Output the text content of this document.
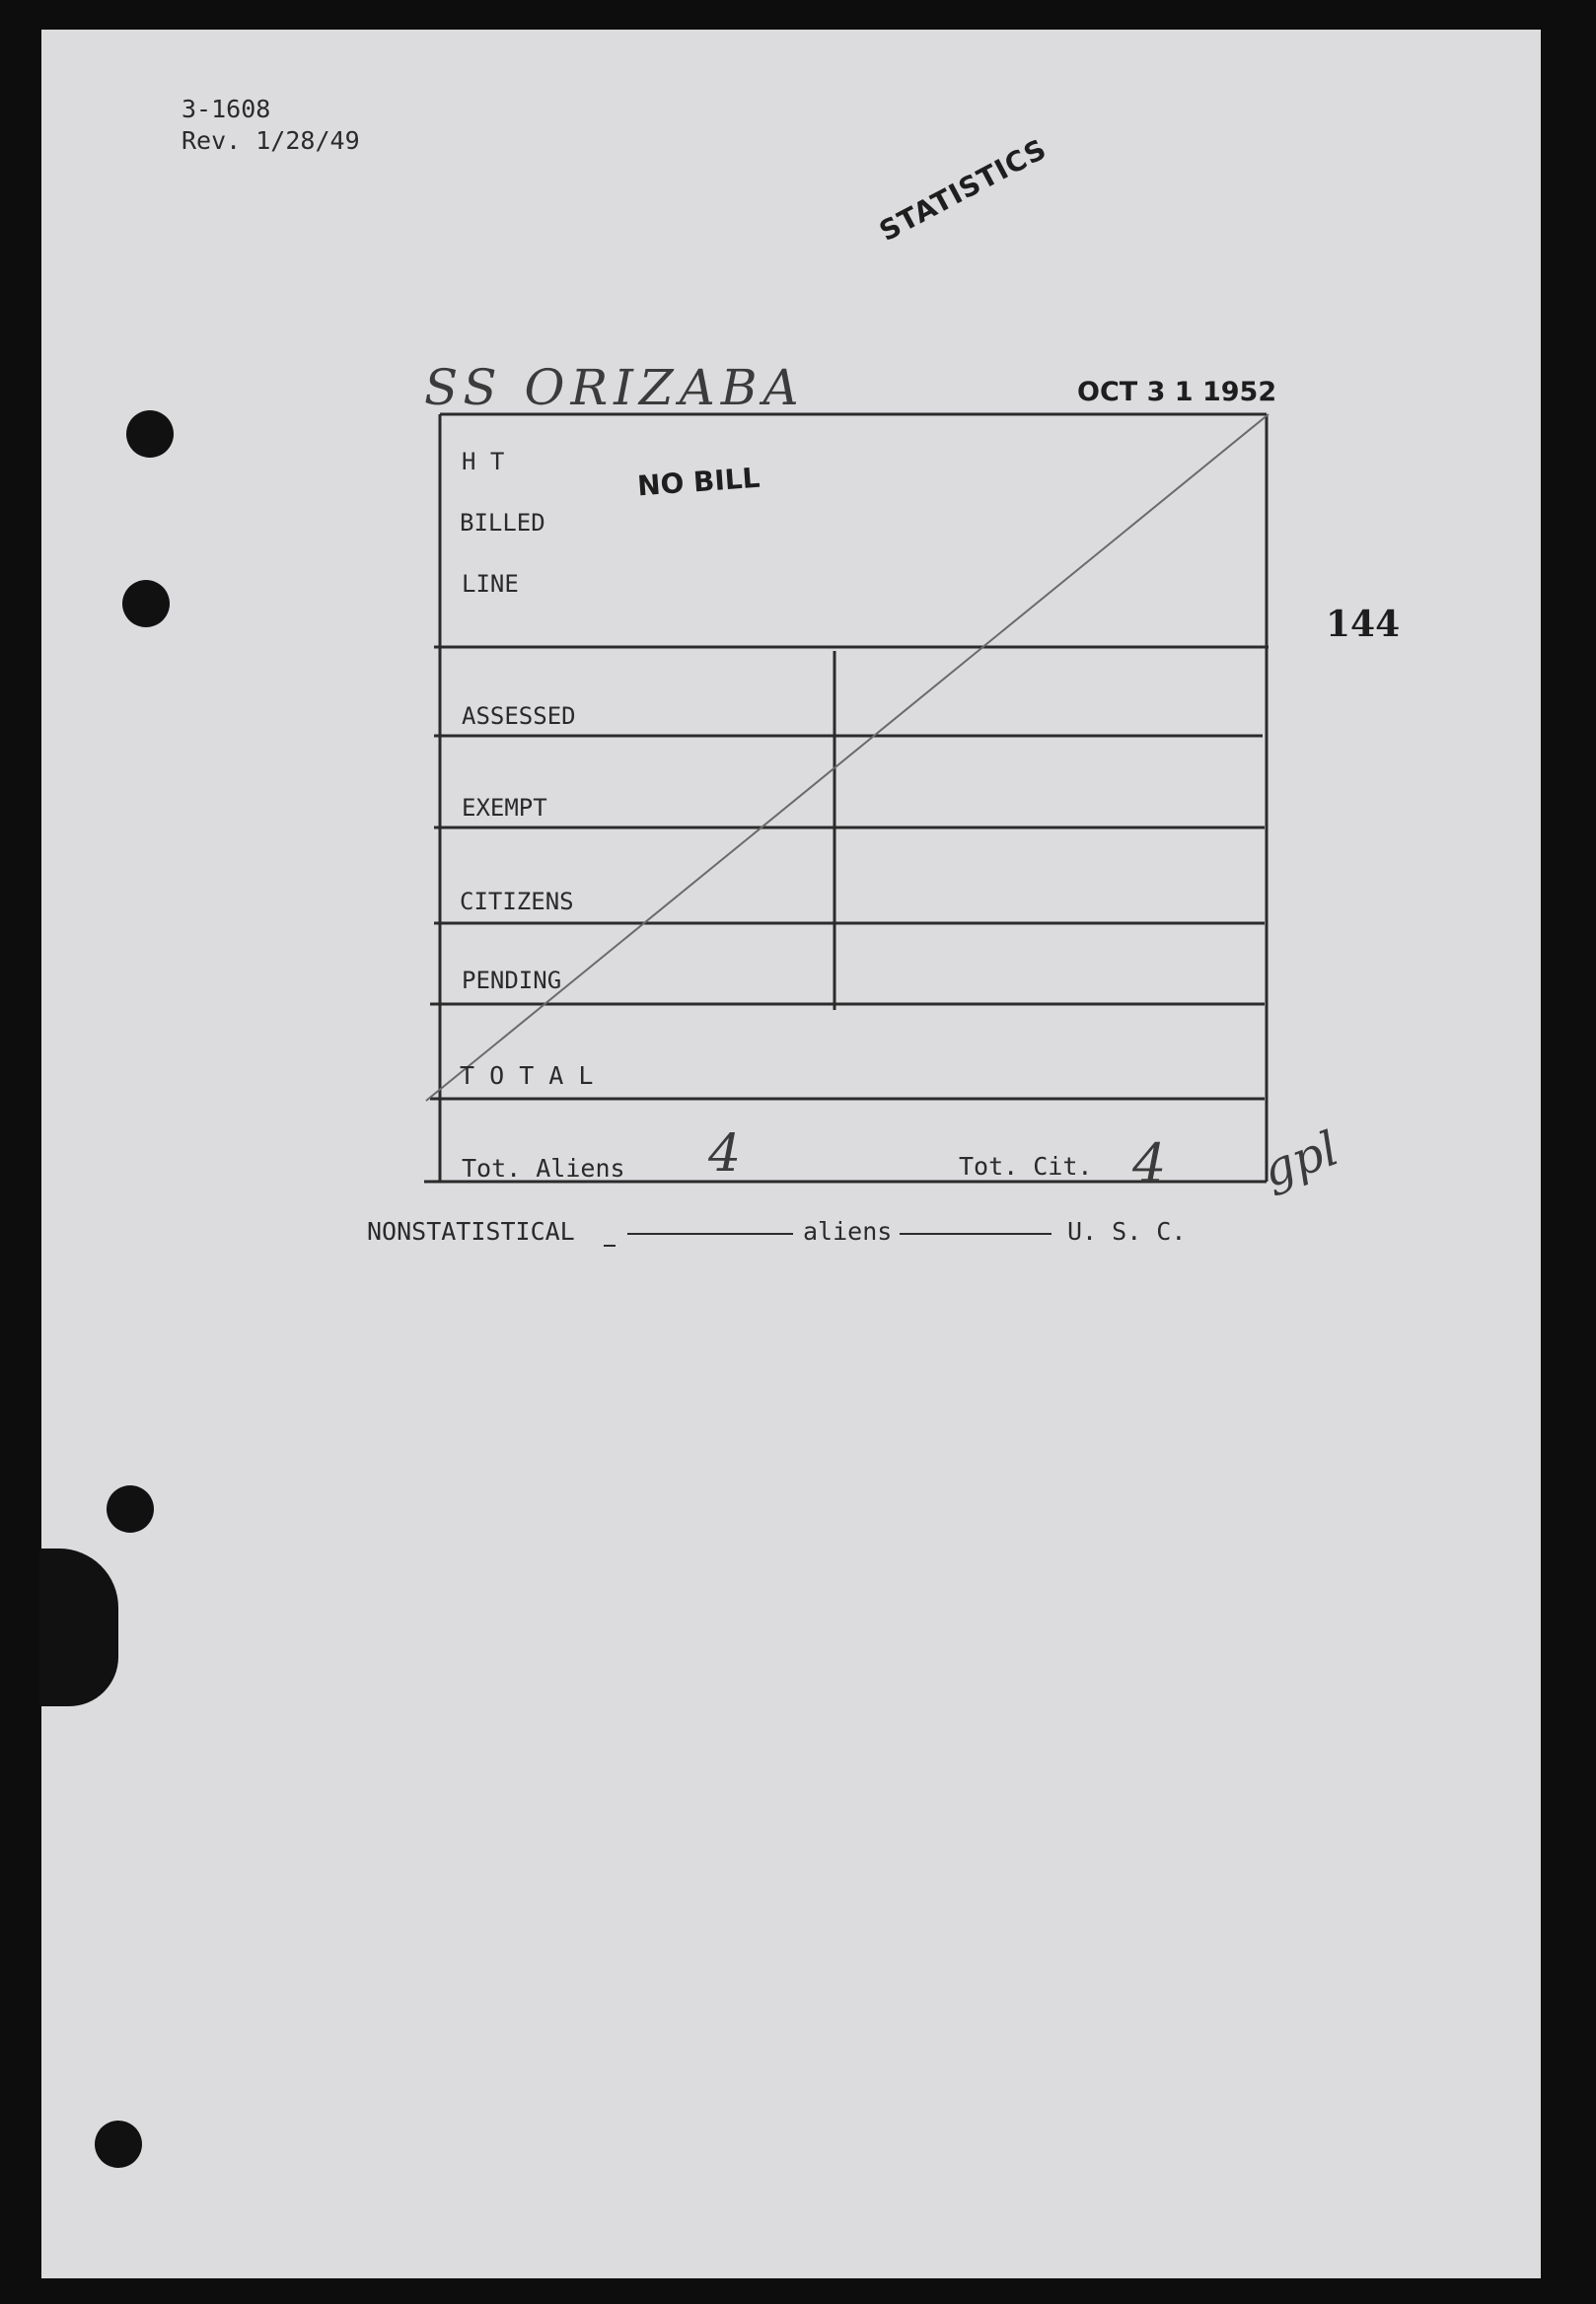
3-1608
Rev. 1/28/49	STATISTICS
SS ORIZABA	OCT 3 1 1952
144
H T	NO BILL
BILLED
LINE
ASSESSED
EXEMPT
CITIZENS
PENDING
T O T A L
Tot. Aliens 4	Tot. Cit. 4 gpl
NONSTATISTICAL	aliens	U. S. C.
